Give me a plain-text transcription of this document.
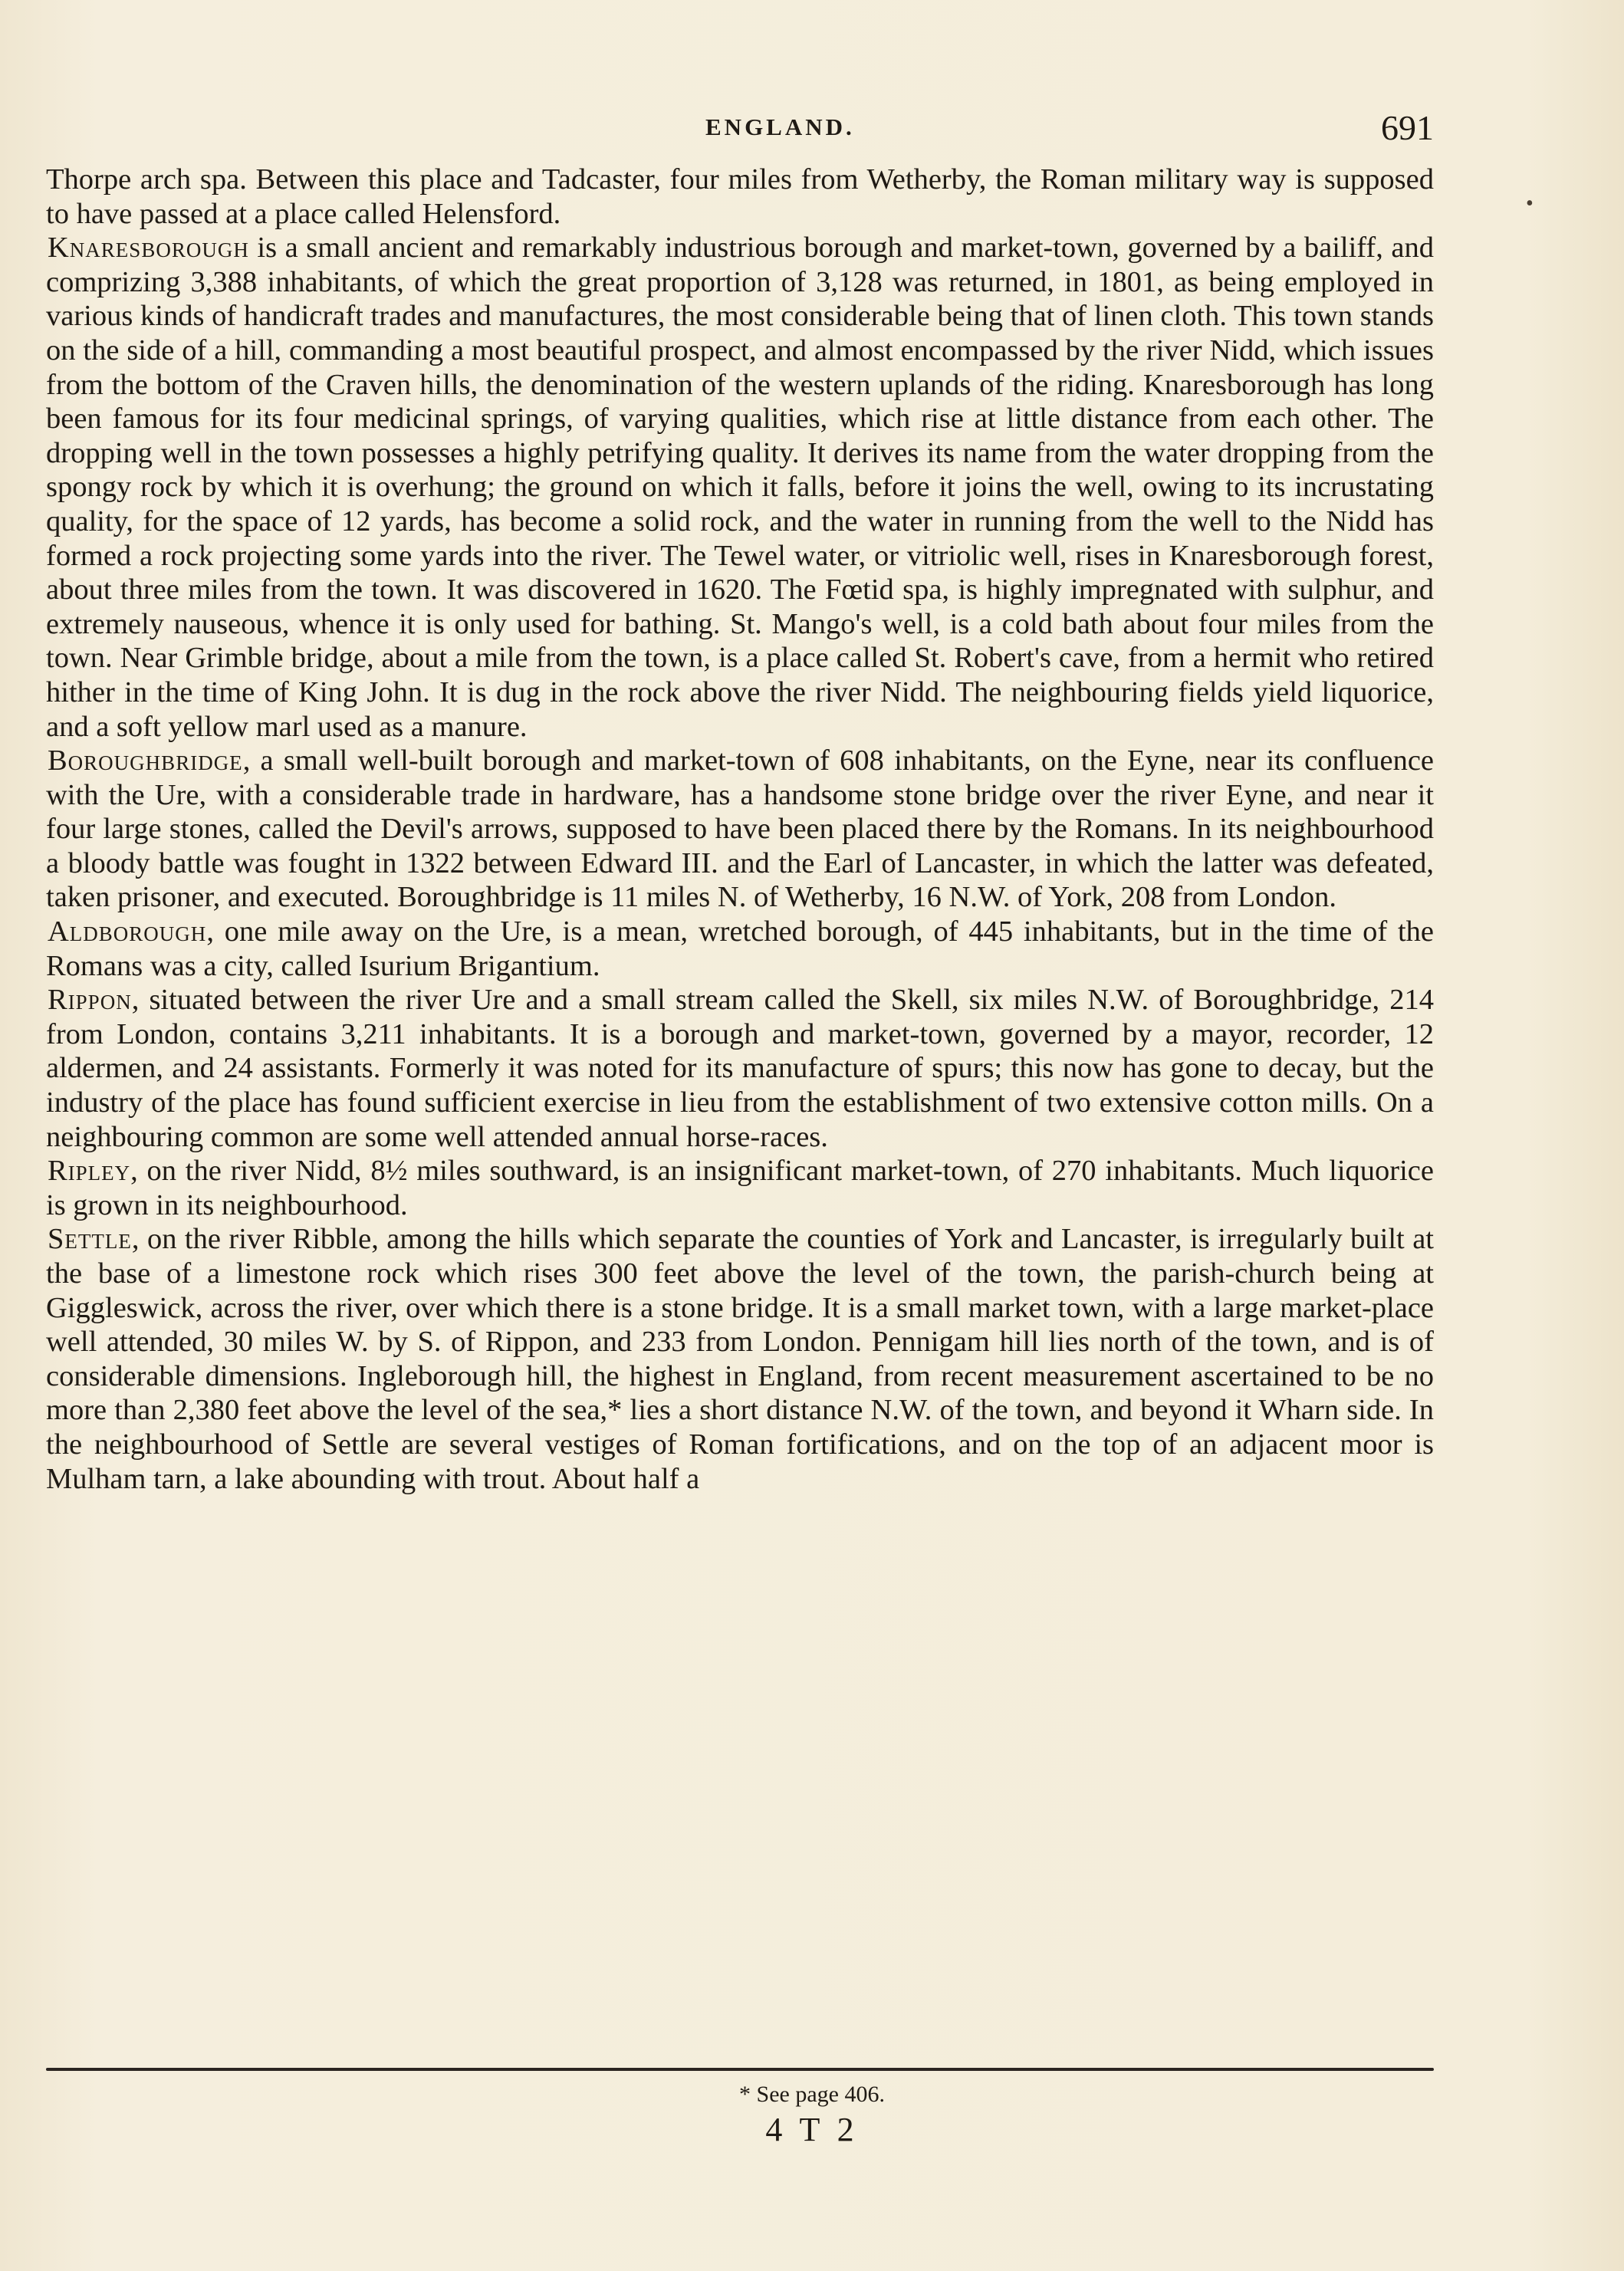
ENGLAND.	691
•

Thorpe arch spa. Between this place and Tadcaster, four miles from Wetherby, the Roman military way is supposed to have passed at a place called Helensford.

Knaresborough is a small ancient and remarkably industrious borough and market-town, governed by a bailiff, and comprizing 3,388 inhabitants, of which the great proportion of 3,128 was returned, in 1801, as being employed in various kinds of handicraft trades and manufactures, the most considerable being that of linen cloth. This town stands on the side of a hill, commanding a most beautiful prospect, and almost encompassed by the river Nidd, which issues from the bottom of the Craven hills, the denomination of the western uplands of the riding. Knaresborough has long been famous for its four medicinal springs, of varying qualities, which rise at little distance from each other. The dropping well in the town possesses a highly petrifying quality. It derives its name from the water dropping from the spongy rock by which it is overhung; the ground on which it falls, before it joins the well, owing to its incrustating quality, for the space of 12 yards, has become a solid rock, and the water in running from the well to the Nidd has formed a rock projecting some yards into the river. The Tewel water, or vitriolic well, rises in Knaresborough forest, about three miles from the town. It was discovered in 1620. The Fœtid spa, is highly impregnated with sulphur, and extremely nauseous, whence it is only used for bathing. St. Mango's well, is a cold bath about four miles from the town. Near Grimble bridge, about a mile from the town, is a place called St. Robert's cave, from a hermit who retired hither in the time of King John. It is dug in the rock above the river Nidd. The neighbouring fields yield liquorice, and a soft yellow marl used as a manure.

Boroughbridge, a small well-built borough and market-town of 608 inhabitants, on the Eyne, near its confluence with the Ure, with a considerable trade in hardware, has a handsome stone bridge over the river Eyne, and near it four large stones, called the Devil's arrows, supposed to have been placed there by the Romans. In its neighbourhood a bloody battle was fought in 1322 between Edward III. and the Earl of Lancaster, in which the latter was defeated, taken prisoner, and executed. Boroughbridge is 11 miles N. of Wetherby, 16 N.W. of York, 208 from London.

Aldborough, one mile away on the Ure, is a mean, wretched borough, of 445 inhabitants, but in the time of the Romans was a city, called Isurium Brigantium.

Rippon, situated between the river Ure and a small stream called the Skell, six miles N.W. of Boroughbridge, 214 from London, contains 3,211 inhabitants. It is a borough and market-town, governed by a mayor, recorder, 12 aldermen, and 24 assistants. Formerly it was noted for its manufacture of spurs; this now has gone to decay, but the industry of the place has found sufficient exercise in lieu from the establishment of two extensive cotton mills. On a neighbouring common are some well attended annual horse-races.

Ripley, on the river Nidd, 8½ miles southward, is an insignificant market-town, of 270 inhabitants. Much liquorice is grown in its neighbourhood.

Settle, on the river Ribble, among the hills which separate the counties of York and Lancaster, is irregularly built at the base of a limestone rock which rises 300 feet above the level of the town, the parish-church being at Giggleswick, across the river, over which there is a stone bridge. It is a small market town, with a large market-place well attended, 30 miles W. by S. of Rippon, and 233 from London. Pennigam hill lies north of the town, and is of considerable dimensions. Ingleborough hill, the highest in England, from recent measurement ascertained to be no more than 2,380 feet above the level of the sea,* lies a short distance N.W. of the town, and beyond it Wharn side. In the neighbourhood of Settle are several vestiges of Roman fortifications, and on the top of an adjacent moor is Mulham tarn, a lake abounding with trout. About half a

* See page 406.
4 T 2
